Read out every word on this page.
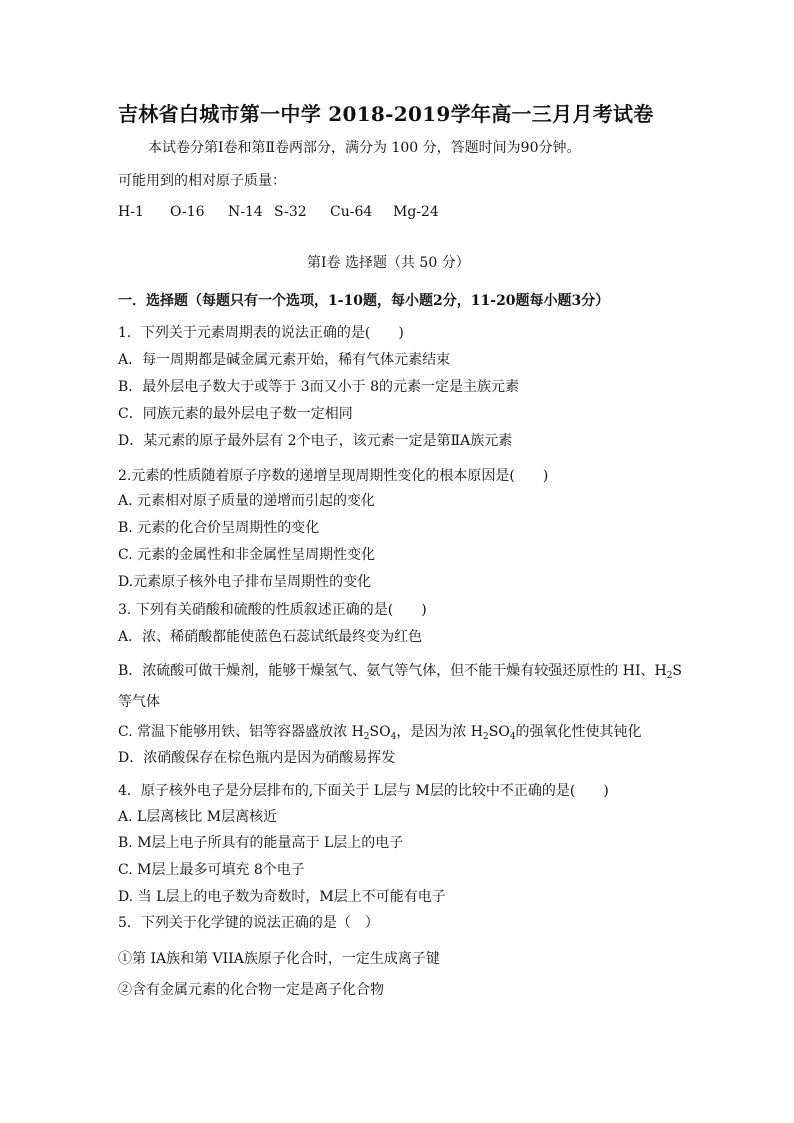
吉林省白城市第一中学 2018-2019学年高一三月月考试卷
本试卷分第Ⅰ卷和第Ⅱ卷两部分，满分为 100 分，答题时间为90分钟。
可能用到的相对原子质量：
H-1 O-16 N-14 S-32 Cu-64 Mg-24
第Ⅰ卷 选择题（共 50 分）
一．选择题（每题只有一个选项，1-10题，每小题2分，11-20题每小题3分）
1．下列关于元素周期表的说法正确的是(　　)
A．每一周期都是碱金属元素开始，稀有气体元素结束
B．最外层电子数大于或等于 3而又小于 8的元素一定是主族元素
C．同族元素的最外层电子数一定相同
D．某元素的原子最外层有 2个电子，该元素一定是第ⅡA族元素
2.元素的性质随着原子序数的递增呈现周期性变化的根本原因是(　　)
A. 元素相对原子质量的递增而引起的变化
B. 元素的化合价呈周期性的变化
C. 元素的金属性和非金属性呈周期性变化
D.元素原子核外电子排布呈周期性的变化
3. 下列有关硝酸和硫酸的性质叙述正确的是(　　)
A．浓、稀硝酸都能使蓝色石蕊试纸最终变为红色
B．浓硫酸可做干燥剂，能够干燥氢气、氨气等气体，但不能干燥有较强还原性的 HI、$H_2S$
等气体
C. 常温下能够用铁、铝等容器盛放浓 $H_2SO_4$，是因为浓 $H_2SO_4$的强氧化性使其钝化
D．浓硝酸保存在棕色瓶内是因为硝酸易挥发
4．原子核外电子是分层排布的,下面关于 L层与 M层的比较中不正确的是(　　)
A. L层离核比 M层离核近
B. M层上电子所具有的能量高于 L层上的电子
C. M层上最多可填充 8个电子
D. 当 L层上的电子数为奇数时，M层上不可能有电子
5．下列关于化学键的说法正确的是（　）
①第 IA族和第 VIIA族原子化合时，一定生成离子键
②含有金属元素的化合物一定是离子化合物
